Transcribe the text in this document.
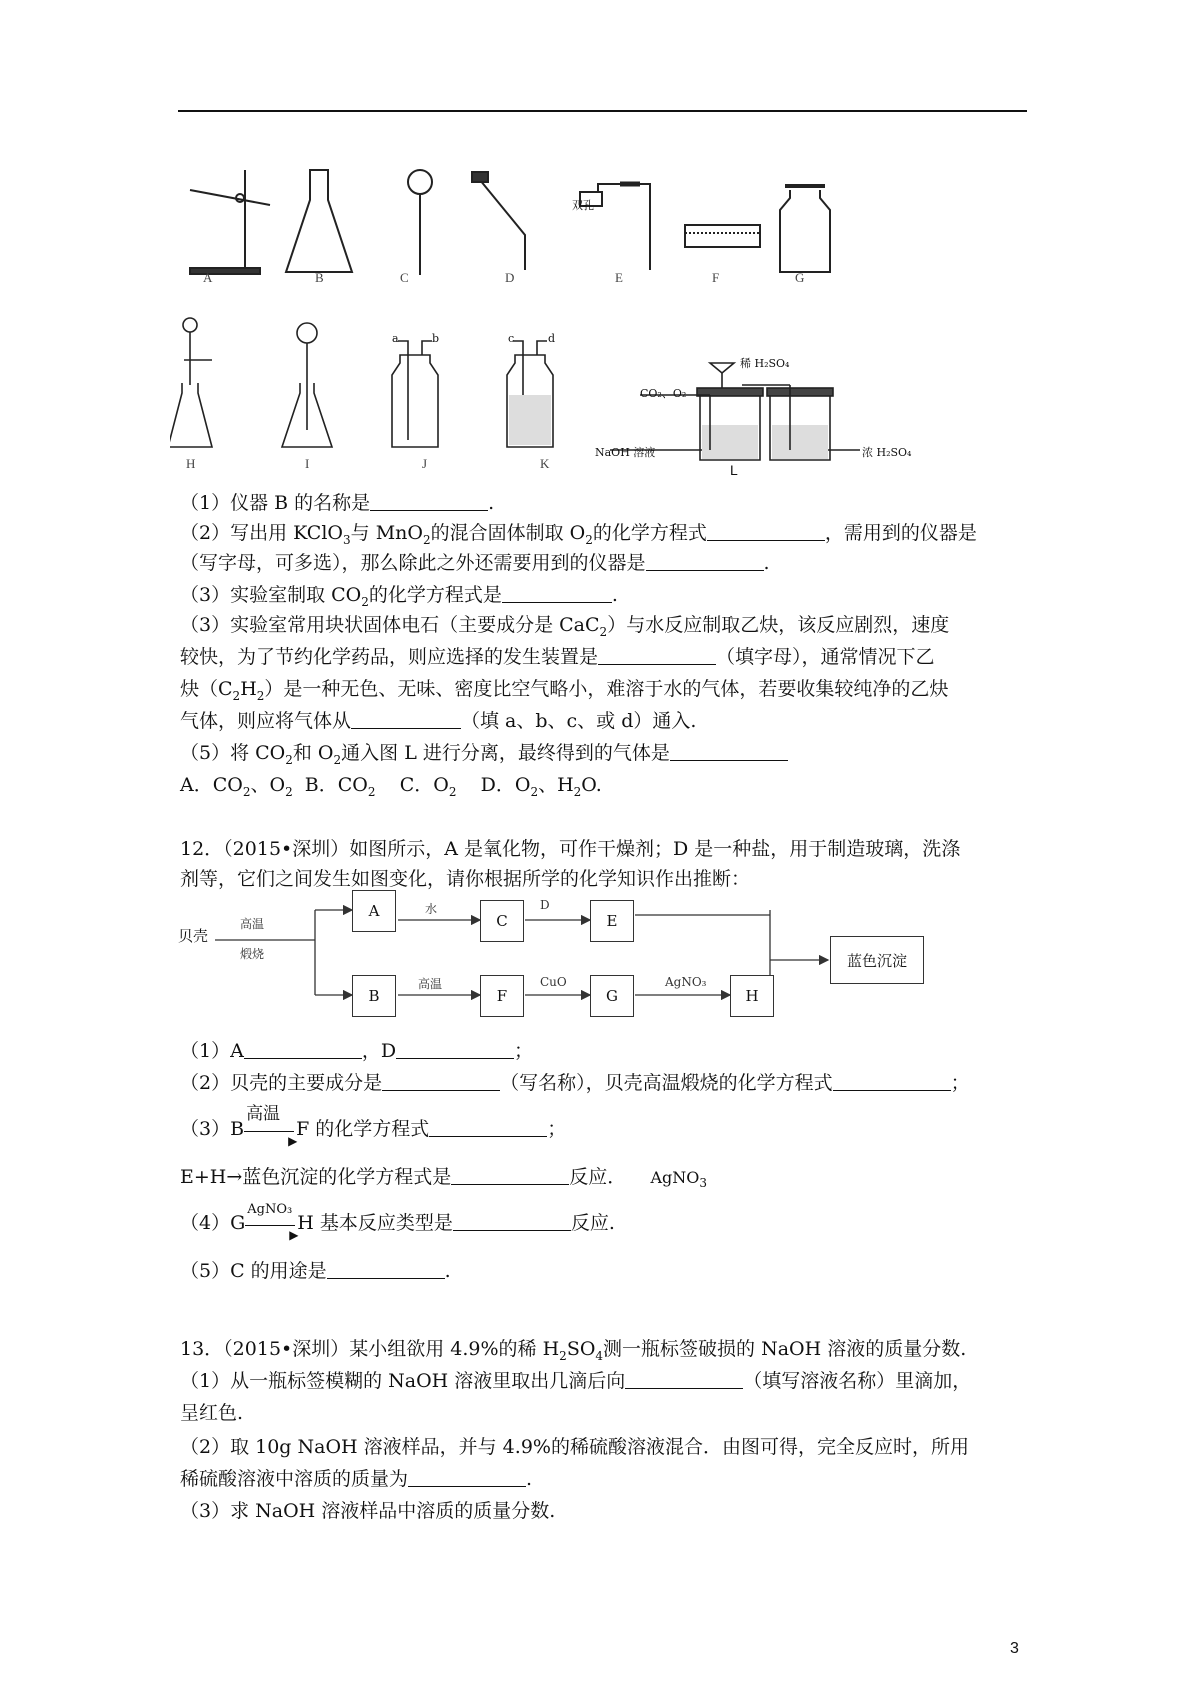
双孔
A	B	C	D	E	F	G
a	b	c	d
稀 H₂SO₄
CO₂、O₂
NaOH 溶液	浓 H₂SO₄
L
H	I	J	K
（1）仪器 B 的名称是	.
（2）写出用 KClO$_3$与 MnO$_2$的混合固体制取 $O_2$的化学方程式	，需用到的仪器是
（写字母，可多选），那么除此之外还需要用到的仪器是	.
（3）实验室制取 $CO_2$的化学方程式是	.
（3）实验室常用块状固体电石（主要成分是 CaC$_2$）与水反应制取乙炔，该反应剧烈，速度
较快，为了节约化学药品，则应选择的发生装置是	（填字母），通常情况下乙
炔$(C_2H_2)$是一种无色、无味、密度比空气略小，难溶于水的气体，若要收集较纯净的乙炔
气体，则应将气体从	（填 a、b、c、或 d）通入.
（5）将 $CO_2$和 $O_2$通入图 L 进行分离，最终得到的气体是
A．$CO_2$、$O_2$ B．$CO_2$ C．$O_2$ D．$O_2$、$H_2O$.
12．（2015•深圳）如图所示，A 是氧化物，可作干燥剂；D 是一种盐，用于制造玻璃，洗涤
剂等，它们之间发生如图变化，请你根据所学的化学知识作出推断：
贝壳
高温
煅烧
A
B
C
F
E
G	H
蓝色沉淀
水	D
高温	CuO	AgNO₃
（1）A	，D	；
（2）贝壳的主要成分是	（写名称），贝壳高温煅烧的化学方程式	；
（3）B
高温
▶
F 的化学方程式	；
E+H→蓝色沉淀的化学方程式是	反应． AgNO$_3$
（4）G
AgNO₃
▶
H 基本反应类型是	反应.
（5）C 的用途是	.
13．（2015•深圳）某小组欲用 4.9%的稀 $H_2SO_4$测一瓶标签破损的 NaOH 溶液的质量分数.
（1）从一瓶标签模糊的 NaOH 溶液里取出几滴后向	（填写溶液名称）里滴加，
呈红色.
（2）取 10g NaOH 溶液样品，并与 4.9%的稀硫酸溶液混合．由图可得，完全反应时，所用
稀硫酸溶液中溶质的质量为	.
（3）求 NaOH 溶液样品中溶质的质量分数.
3
